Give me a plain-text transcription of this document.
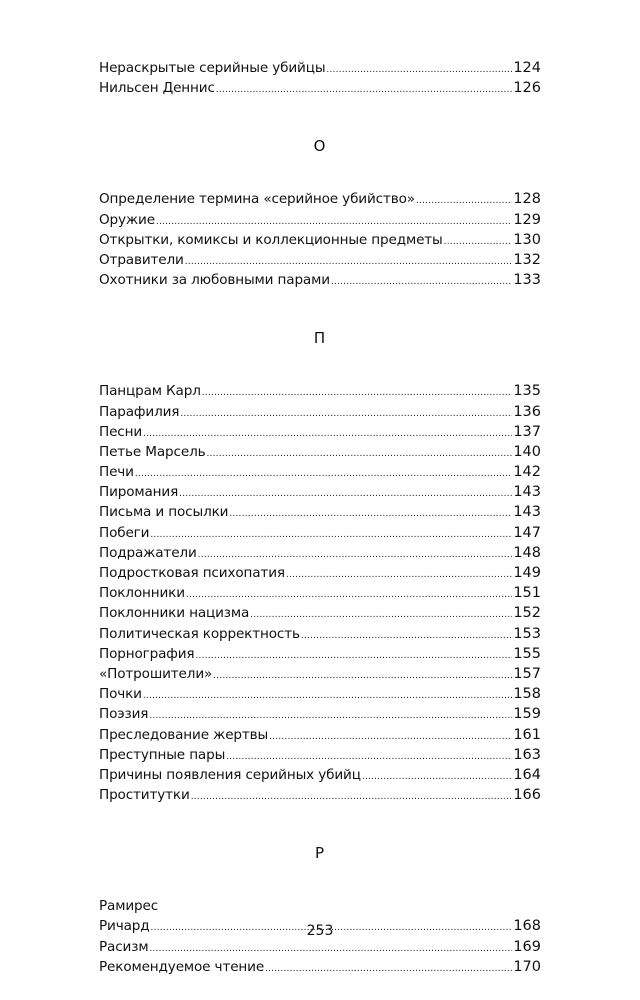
Нераскрытые серийные убийцы .....	124
Нильсен Деннис .....	126
О
Определение термина «серийное убийство» .....	128
Оружие .....	129
Открытки, комиксы и коллекционные предметы .....	130
Отравители .....	132
Охотники за любовными парами .....	133
П
Панцрам Карл .....	135
Парафилия .....	136
Песни .....	137
Петье Марсель .....	140
Печи .....	142
Пиромания .....	143
Письма и посылки .....	143
Побеги .....	147
Подражатели .....	148
Подростковая психопатия .....	149
Поклонники .....	151
Поклонники нацизма .....	152
Политическая корректность .....	153
Порнография .....	155
«Потрошители» .....	157
Почки .....	158
Поэзия .....	159
Преследование жертвы .....	161
Преступные пары .....	163
Причины появления серийных убийц .....	164
Проститутки .....	166
Р
Рамирес
Ричард .....	168
Расизм .....	169
Рекомендуемое чтение .....	170
253
